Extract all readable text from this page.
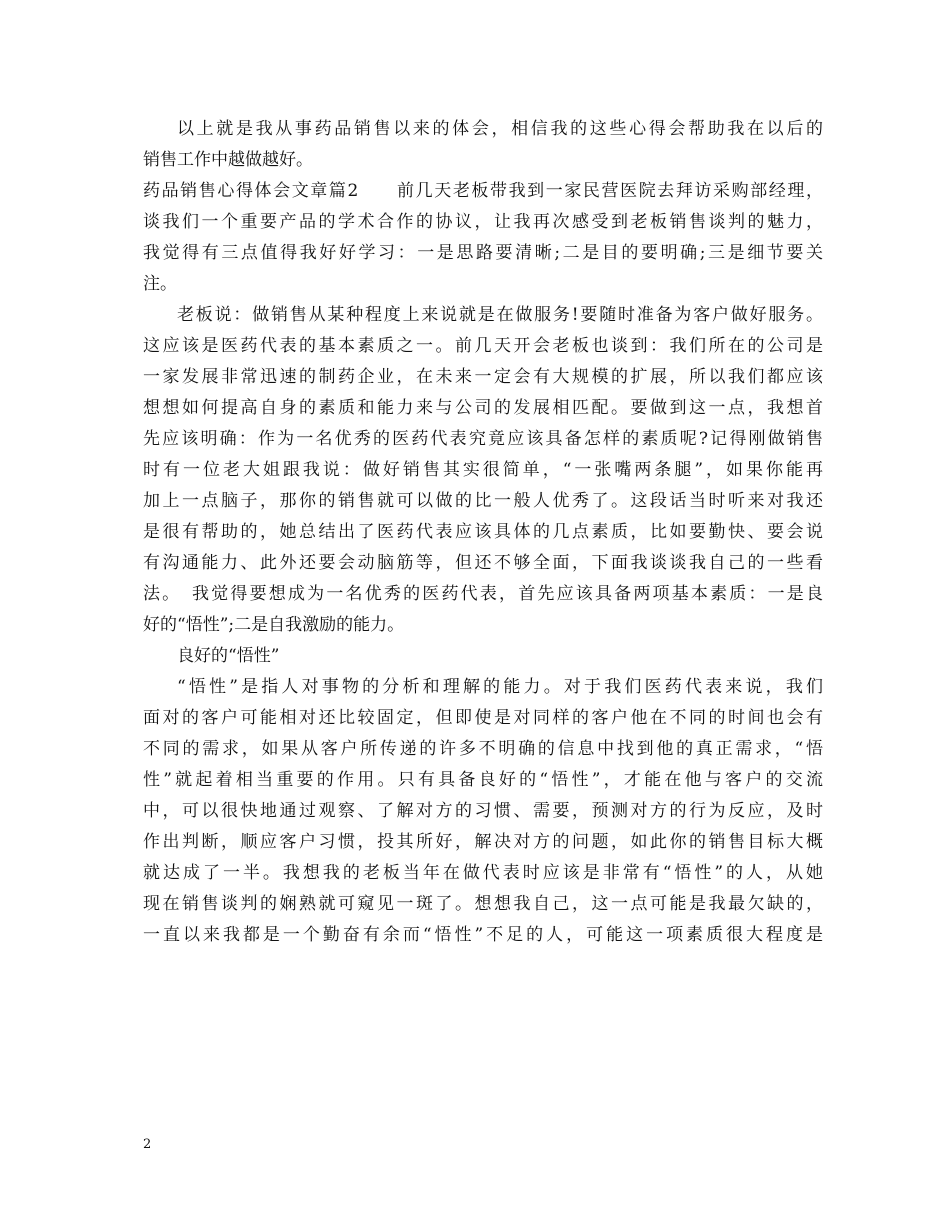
以上就是我从事药品销售以来的体会，相信我的这些心得会帮助我在以后的
销售工作中越做越好。
药品销售心得体会文章篇2　　前几天老板带我到一家民营医院去拜访采购部经理，
谈我们一个重要产品的学术合作的协议，让我再次感受到老板销售谈判的魅力，
我觉得有三点值得我好好学习：一是思路要清晰;二是目的要明确;三是细节要关
注。
老板说：做销售从某种程度上来说就是在做服务!要随时准备为客户做好服务。
这应该是医药代表的基本素质之一。前几天开会老板也谈到：我们所在的公司是
一家发展非常迅速的制药企业，在未来一定会有大规模的扩展，所以我们都应该
想想如何提高自身的素质和能力来与公司的发展相匹配。要做到这一点，我想首
先应该明确：作为一名优秀的医药代表究竟应该具备怎样的素质呢?记得刚做销售
时有一位老大姐跟我说：做好销售其实很简单，“一张嘴两条腿”，如果你能再
加上一点脑子，那你的销售就可以做的比一般人优秀了。这段话当时听来对我还
是很有帮助的，她总结出了医药代表应该具体的几点素质，比如要勤快、要会说
有沟通能力、此外还要会动脑筋等，但还不够全面，下面我谈谈我自己的一些看
法。　我觉得要想成为一名优秀的医药代表，首先应该具备两项基本素质：一是良
好的“悟性”;二是自我激励的能力。
良好的“悟性”
“悟性”是指人对事物的分析和理解的能力。对于我们医药代表来说，我们
面对的客户可能相对还比较固定，但即使是对同样的客户他在不同的时间也会有
不同的需求，如果从客户所传递的许多不明确的信息中找到他的真正需求，“悟
性”就起着相当重要的作用。只有具备良好的“悟性”，才能在他与客户的交流
中，可以很快地通过观察、了解对方的习惯、需要，预测对方的行为反应，及时
作出判断，顺应客户习惯，投其所好，解决对方的问题，如此你的销售目标大概
就达成了一半。我想我的老板当年在做代表时应该是非常有“悟性”的人，从她
现在销售谈判的娴熟就可窥见一斑了。想想我自己，这一点可能是我最欠缺的，
一直以来我都是一个勤奋有余而“悟性”不足的人，可能这一项素质很大程度是
2
